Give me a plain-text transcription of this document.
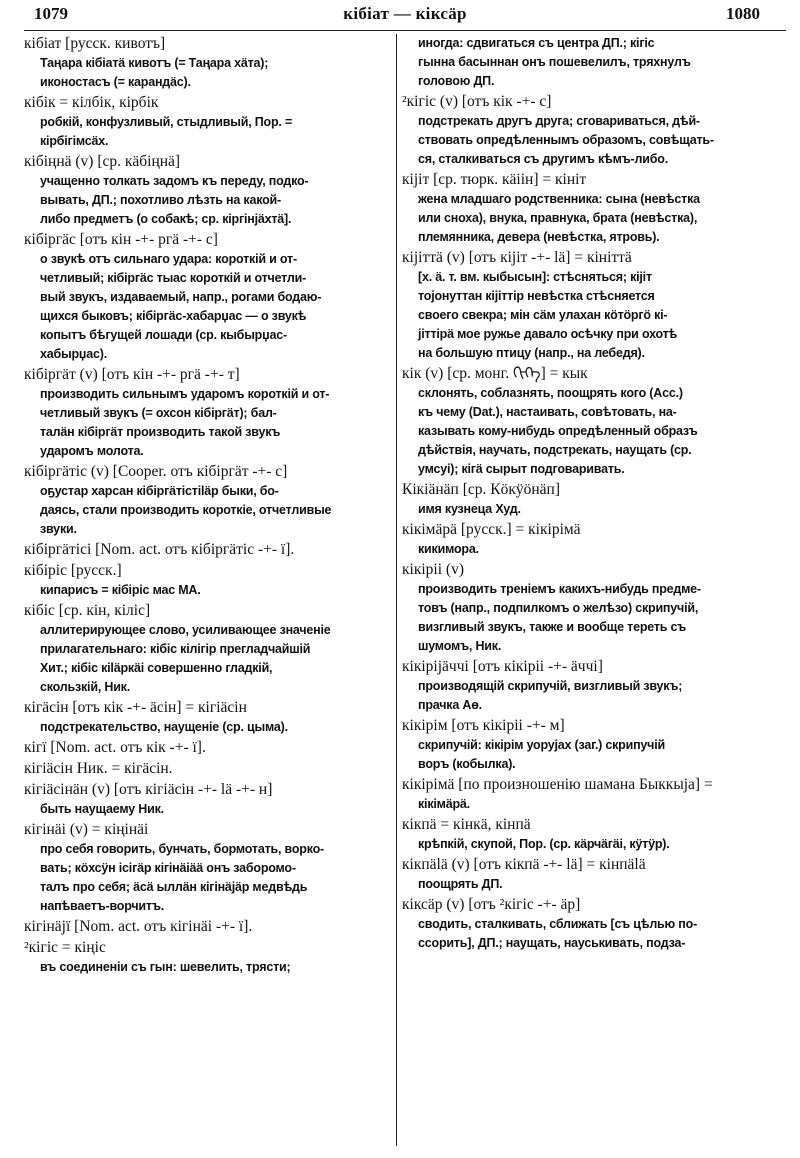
1079	кібіат — кіксäр	1080
кібіат [русск. кивотъ]
Таңара кібіатä кивотъ (= Таңара хäта);
иконостасъ (= карандäс).
кібік = кілбік, кірбік
робкій, конфузливый, стыдливый, Пор. =
кірбігімсäх.
кібіңнä (v) [ср. кäбіңнä]
учащенно толкать задомъ къ переду, подко-
вывать, ДП.; похотливо лѣзть на какой-
либо предметъ (о собакѣ; ср. кіргінjäхтä].
кібіргäс [отъ кін ‑+‑ ргä ‑+‑ с]
о звукѣ отъ сильнаго удара: короткій и от-
четливый; кібіргäс тыас короткій и отчетли-
вый звукъ, издаваемый, напр., рогами бодаю-
щихся быковъ; кібіргäс-хабарџас — о звукѣ
копытъ бѣгущей лошади (ср. кыбырџас-
хабырџас).
кібіргäт (v) [отъ кін ‑+‑ ргä ‑+‑ т]
производить сильнымъ ударомъ короткій и от-
четливый звукъ (= охсон кібіргäт); бал-
талäн кібіргäт производить такой звукъ
ударомъ молота.
кібіргäтіс (v) [Cooper. отъ кібіргäт ‑+‑ с]
оҕустар харсан кібіргäтістіläр быки, бо-
даясь, стали производить короткіе, отчетливые
звуки.
кібіргäтісі [Nom. act. отъ кібіргäтіс ‑+‑ ї].
кібіріс [русск.]
кипарисъ = кібіріс мас МА.
кібіс [ср. кін, кіліс]
аллитерирующее слово, усиливающее значеніе
прилагательнаго: кібіс кілігір прегладчайшій
Хит.; кібіс кіläркäі совершенно гладкій,
скользкій, Ник.
кігäсін [отъ кік ‑+‑ äсін] = кігіäсін
подстрекательство, наущеніе (ср. цыма).
кігї [Nom. act. отъ кік ‑+‑ ї].
кігіäсін Ник. = кігäсін.
кігіäсінäн (v) [отъ кігіäсін ‑+‑ lä ‑+‑ н]
быть наущаему Ник.
кігінäі (v) = кіңінäі
про себя говорить, бунчать, бормотать, ворко-
вать; кöхсÿн ісігäр кігінäіää онъ заборомо-
талъ про себя; äсä ыллäн кігінäjäр медвѣдь
напѣваетъ-ворчитъ.
кігінäjї [Nom. act. отъ кігінäі ‑+‑ ї].
²кігіс = кіңіс
въ соединеніи съ гын: шевелить, трясти;
иногда: сдвигаться съ центра ДП.; кігіс
гынна басыннан онъ пошевелилъ, тряхнулъ
головою ДП.
²кігіс (v) [отъ кік ‑+‑ с]
подстрекать другъ друга; сговариваться, дѣй-
ствовать опредѣленнымъ образомъ, совѣщать-
ся, сталкиваться съ другимъ кѣмъ-либо.
кіјіт [ср. тюрк. кäiін] = кініт
жена младшаго родственника: сына (невѣстка
или сноха), внука, правнука, брата (невѣстка),
племянника, девера (невѣстка, ятровь).
кіјіттä (v) [отъ кіјіт ‑+‑ lä] = кініттä
[х. ä. т. вм. кыбысын]: стѣсняться; кіјіт
тојонуттан кіјіттір невѣстка стѣсняется
своего свекра; мін сäм улахан кöтöргö кі-
јіттірä мое ружье давало осѣчку при охотѣ
на большую птицу (напр., на лебедя).
кік (v) [ср. монг. ᠬᠢᠬᠡ] = кык
склонять, соблазнять, поощрять кого (Acc.)
къ чему (Dat.), настаивать, совѣтовать, на-
казывать кому-нибудь опредѣленный образъ
дѣйствія, научать, подстрекать, наущать (ср.
умсуі); кігä сырыт подговаривать.
Кікіäнäп [ср. Кöкÿöнäп]
имя кузнеца Худ.
кікімäрä [русск.] = кікірімä
кикимора.
кікіріі (v)
производить треніемъ какихъ-нибудь предме-
товъ (напр., подпилкомъ о желѣзо) скрипучій,
визгливый звукъ, также и вообще тереть съ
шумомъ, Ник.
кікіріjäччі [отъ кікіріі ‑+‑ äччі]
производящій скрипучій, визгливый звукъ;
прачка Аө.
кікірім [отъ кікіріі ‑+‑ м]
скрипучій: кікірім уоруjах (заг.) скрипучій
воръ (кобылка).
кікірімä [по произношенію шамана Быккыја] =
кікімäрä.
кікпä = кінкä, кінпä
крѣпкій, скупой, Пор. (ср. кäрчäгäі, кÿтÿр).
кікпälä (v) [отъ кікпä ‑+‑ lä] = кінпälä
поощрять ДП.
кіксäр (v) [отъ ²кігіс ‑+‑ äр]
сводить, сталкивать, сближать [съ цѣлью по-
ссорить], ДП.; наущать, науськивать, подза-
